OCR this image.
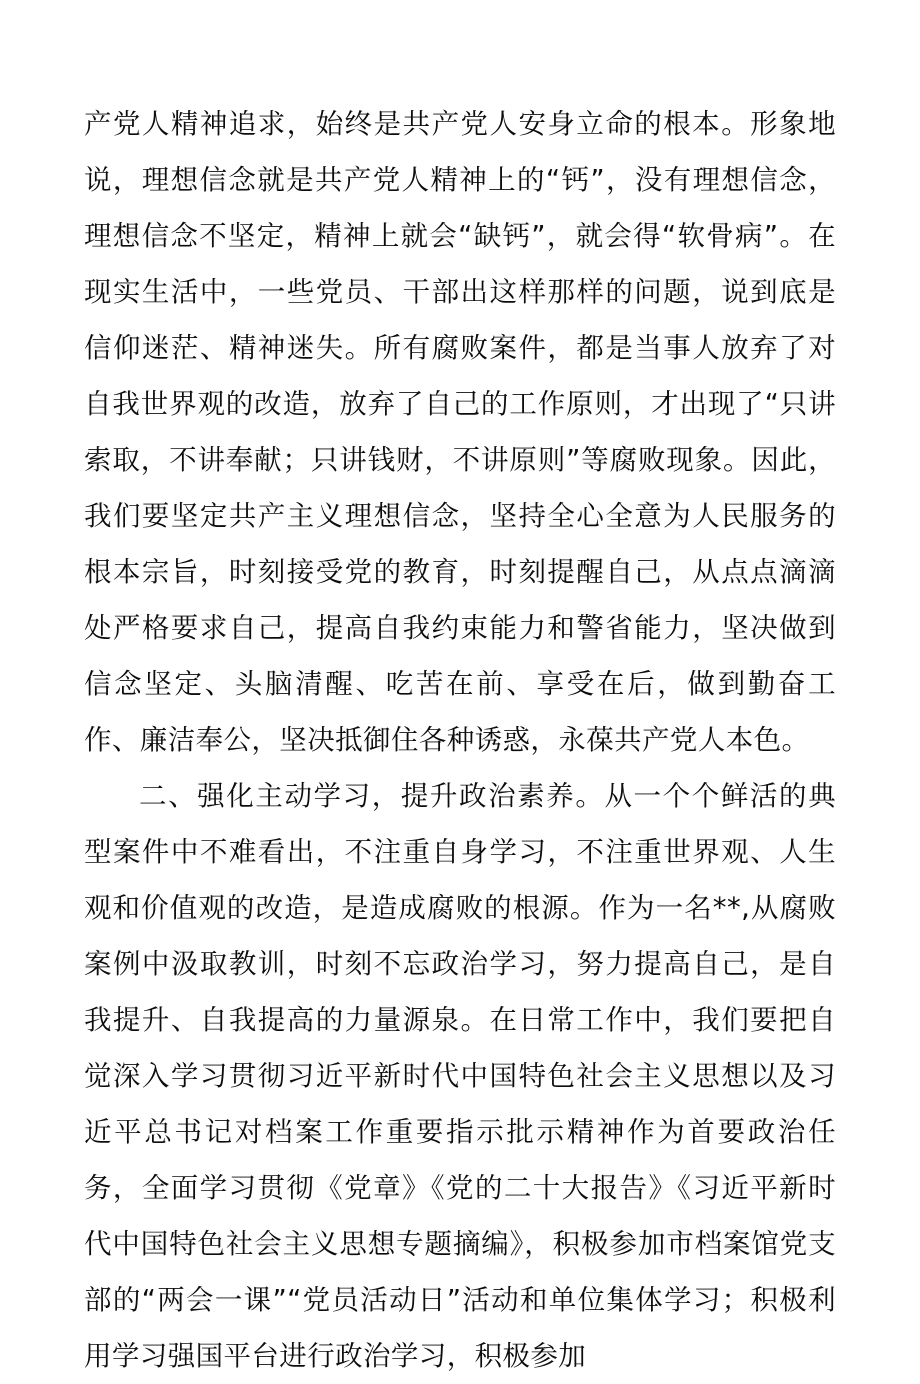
产党人精神追求，始终是共产党人安身立命的根本。形象地说，理想信念就是共产党人精神上的“钙”，没有理想信念，理想信念不坚定，精神上就会“缺钙”，就会得“软骨病”。在现实生活中，一些党员、干部出这样那样的问题，说到底是信仰迷茫、精神迷失。所有腐败案件，都是当事人放弃了对自我世界观的改造，放弃了自己的工作原则，才出现了“只讲索取，不讲奉献；只讲钱财，不讲原则”等腐败现象。因此，我们要坚定共产主义理想信念，坚持全心全意为人民服务的根本宗旨，时刻接受党的教育，时刻提醒自己，从点点滴滴处严格要求自己，提高自我约束能力和警省能力，坚决做到信念坚定、头脑清醒、吃苦在前、享受在后，做到勤奋工作、廉洁奉公，坚决抵御住各种诱惑，永葆共产党人本色。

二、强化主动学习，提升政治素养。从一个个鲜活的典型案件中不难看出，不注重自身学习，不注重世界观、人生观和价值观的改造，是造成腐败的根源。作为一名**,从腐败案例中汲取教训，时刻不忘政治学习，努力提高自己，是自我提升、自我提高的力量源泉。在日常工作中，我们要把自觉深入学习贯彻习近平新时代中国特色社会主义思想以及习近平总书记对档案工作重要指示批示精神作为首要政治任务，全面学习贯彻《党章》《党的二十大报告》《习近平新时代中国特色社会主义思想专题摘编》，积极参加市档案馆党支部的“两会一课”“党员活动日”活动和单位集体学习；积极利用学习强国平台进行政治学习，积极参加
